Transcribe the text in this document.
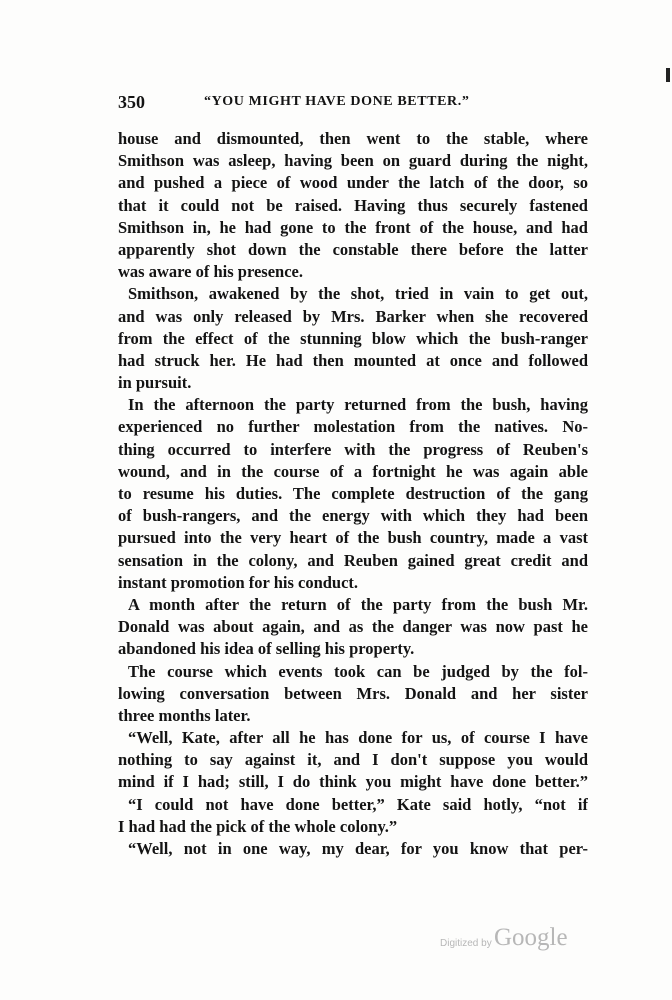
350	“YOU MIGHT HAVE DONE BETTER.”
house and dismounted, then went to the stable, where
Smithson was asleep, having been on guard during the night,
and pushed a piece of wood under the latch of the door, so
that it could not be raised. Having thus securely fastened
Smithson in, he had gone to the front of the house, and had
apparently shot down the constable there before the latter
was aware of his presence.
Smithson, awakened by the shot, tried in vain to get out,
and was only released by Mrs. Barker when she recovered
from the effect of the stunning blow which the bush-ranger
had struck her. He had then mounted at once and followed
in pursuit.
In the afternoon the party returned from the bush, having
experienced no further molestation from the natives. No-
thing occurred to interfere with the progress of Reuben's
wound, and in the course of a fortnight he was again able
to resume his duties. The complete destruction of the gang
of bush-rangers, and the energy with which they had been
pursued into the very heart of the bush country, made a vast
sensation in the colony, and Reuben gained great credit and
instant promotion for his conduct.
A month after the return of the party from the bush Mr.
Donald was about again, and as the danger was now past he
abandoned his idea of selling his property.
The course which events took can be judged by the fol-
lowing conversation between Mrs. Donald and her sister
three months later.
“Well, Kate, after all he has done for us, of course I have
nothing to say against it, and I don't suppose you would
mind if I had; still, I do think you might have done better.”
“I could not have done better,” Kate said hotly, “not if
I had had the pick of the whole colony.”
“Well, not in one way, my dear, for you know that per-
Digitized by Google
